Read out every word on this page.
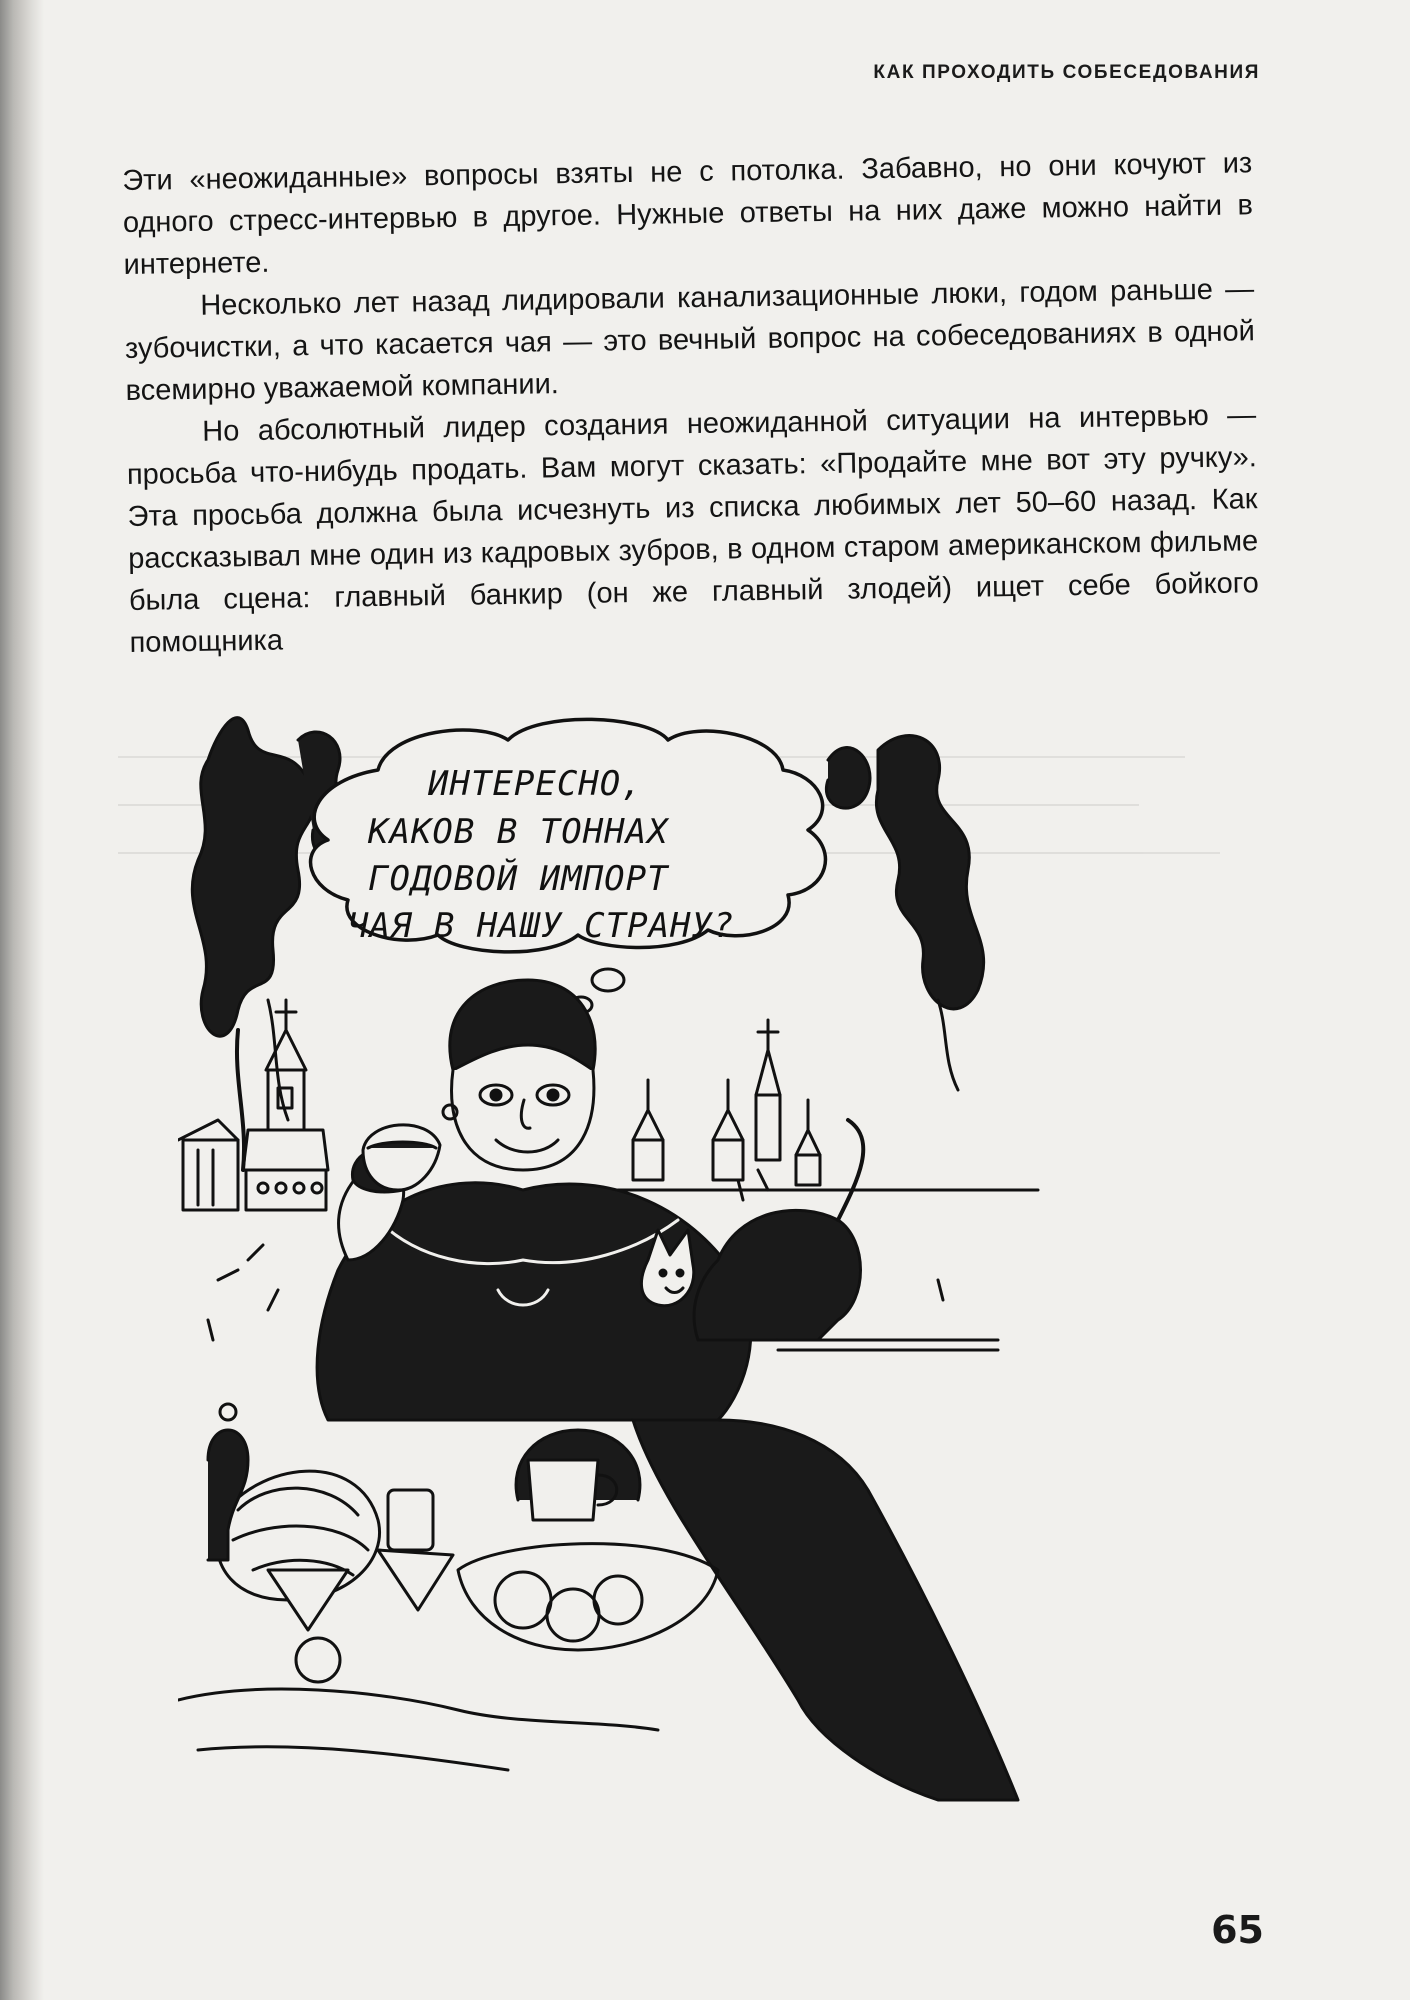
КАК ПРОХОДИТЬ СОБЕСЕДОВАНИЯ

Эти «неожиданные» вопросы взяты не с потолка. Забавно, но они кочуют из одного стресс-интервью в другое. Нужные ответы на них даже можно найти в интернете.

Несколько лет назад лидировали канализационные люки, годом раньше — зубочистки, а что касается чая — это вечный вопрос на собеседованиях в одной всемирно уважаемой компании.

Но абсолютный лидер создания неожиданной ситуации на интервью — просьба что-нибудь продать. Вам могут сказать: «Продайте мне вот эту ручку». Эта просьба должна была исчезнуть из списка любимых лет 50–60 назад. Как рассказывал мне один из кадровых зубров, в одном старом американском фильме была сцена: главный банкир (он же главный злодей) ищет себе бойкого помощника

ИНТЕРЕСНО,
КАКОВ В ТОННАХ
ГОДОВОЙ ИМПОРТ
ЧАЯ В НАШУ СТРАНУ?

65
